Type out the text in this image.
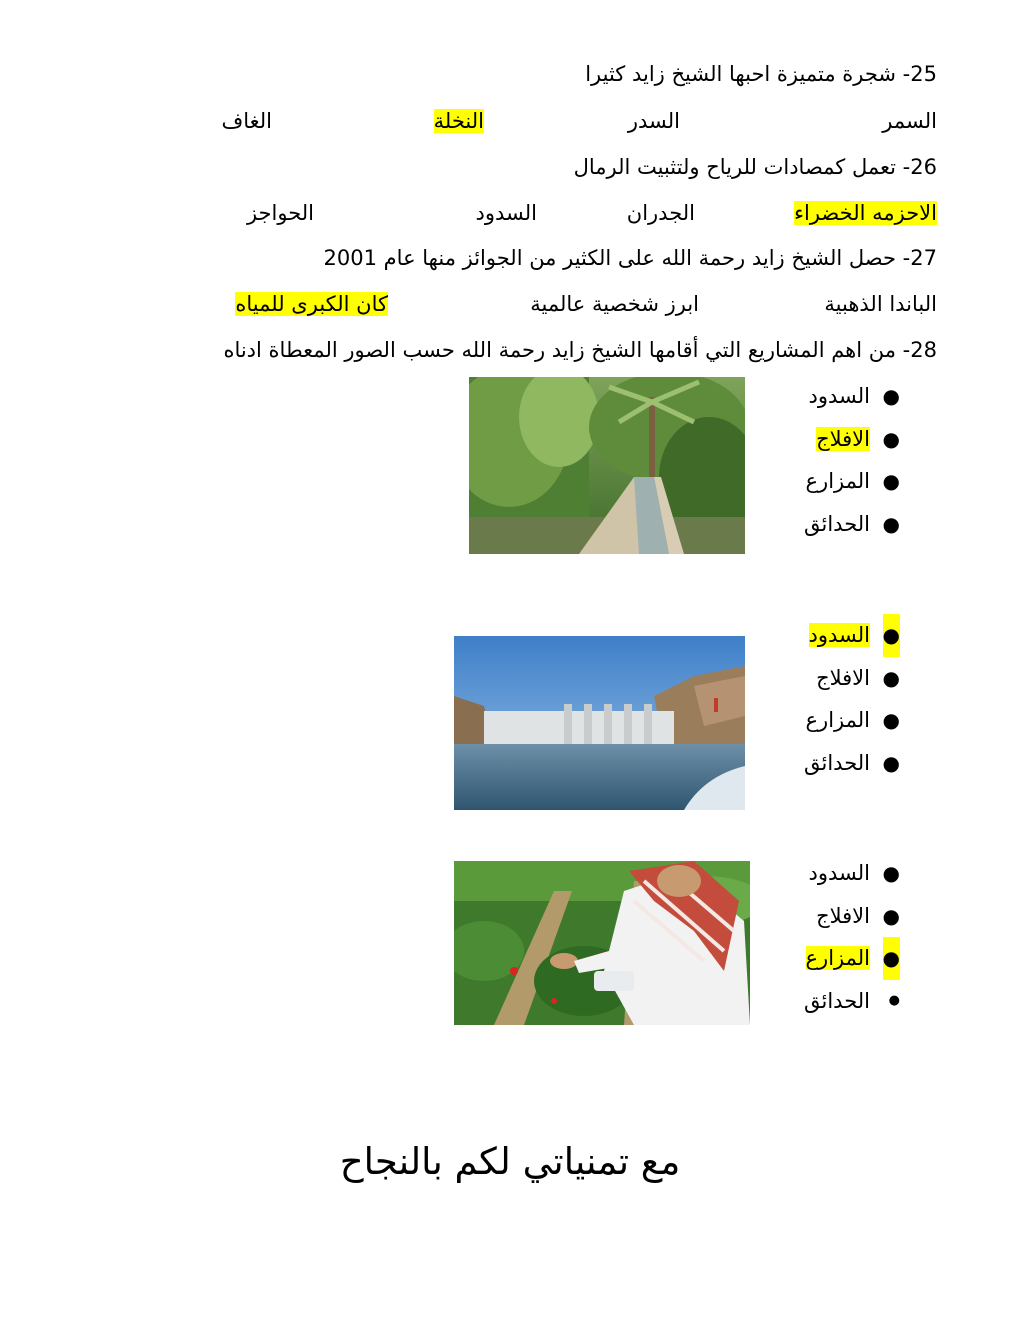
25- شجرة متميزة احبها الشيخ زايد كثيرا
السمر
السدر
النخلة
الغاف
26- تعمل كمصادات للرياح ولتثبيت الرمال
الاحزمه الخضراء
الجدران
السدود
الحواجز
27- حصل الشيخ زايد رحمة الله على الكثير من الجوائز منها عام 2001
الباندا الذهبية
ابرز شخصية عالمية
كان الكبرى للمياه
28- من اهم المشاريع التي أقامها الشيخ زايد رحمة الله حسب الصور المعطاة ادناه
●
السدود
●
الافلاج
●
المزارع
●
الحدائق
●
السدود
●
الافلاج
●
المزارع
●
الحدائق
●
السدود
●
الافلاج
●
المزارع
●
الحدائق
مع تمنياتي لكم بالنجاح
